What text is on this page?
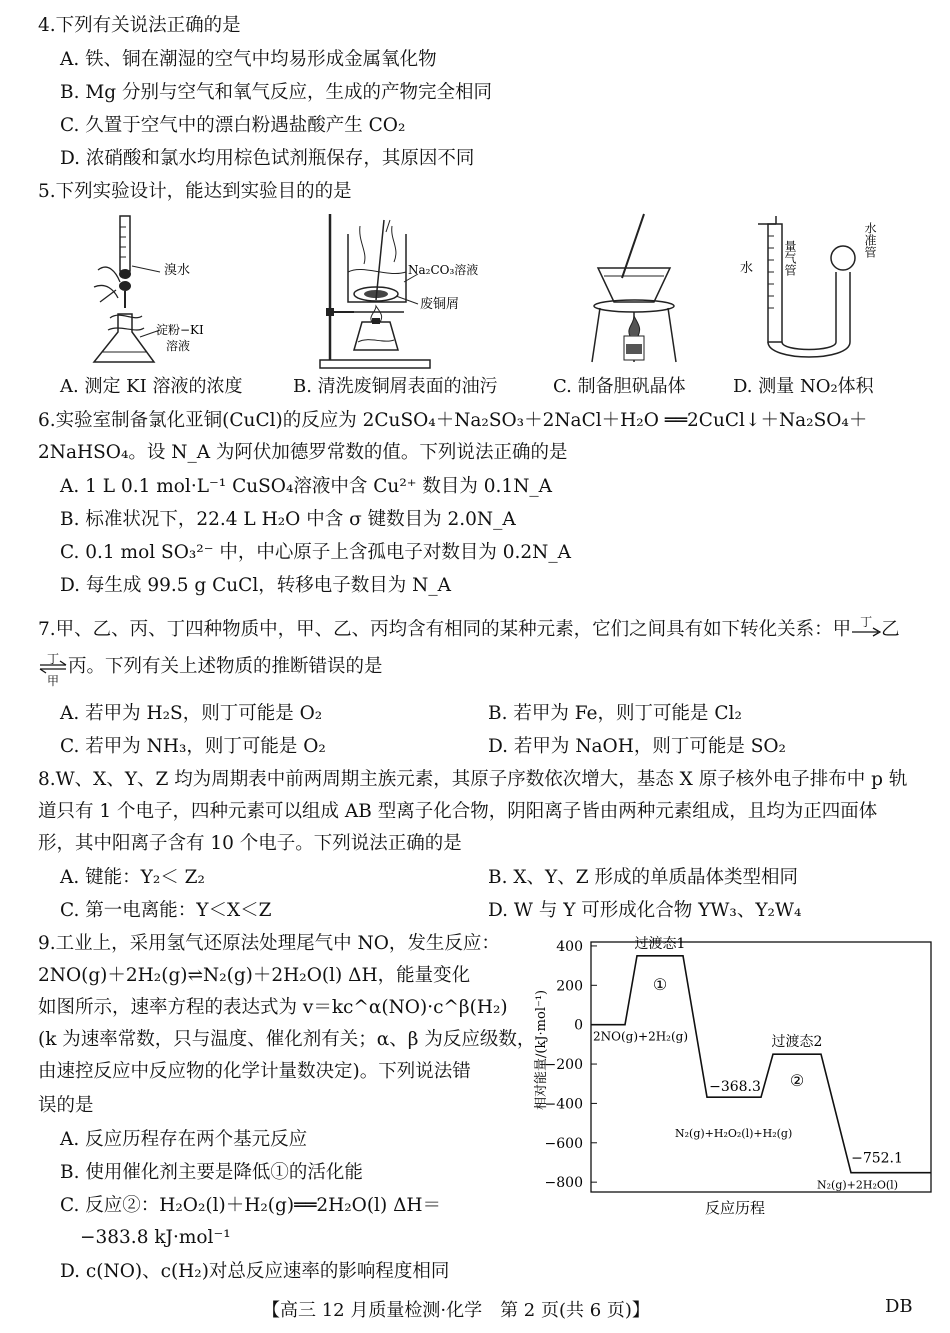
4.下列有关说法正确的是
A. 铁、铜在潮湿的空气中均易形成金属氧化物
B. Mg 分别与空气和氧气反应，生成的产物完全相同
C. 久置于空气中的漂白粉遇盐酸产生 CO₂
D. 浓硝酸和氯水均用棕色试剂瓶保存，其原因不同
5.下列实验设计，能达到实验目的的是
溴水
淀粉−KI
溶液
Na₂CO₃溶液
废铜屑
水 量气管	水准管
A. 测定 KI 溶液的浓度	B. 清洗废铜屑表面的油污	C. 制备胆矾晶体	D. 测量 NO₂体积
6.实验室制备氯化亚铜(CuCl)的反应为 2CuSO₄＋Na₂SO₃＋2NaCl＋H₂O ══2CuCl↓＋Na₂SO₄＋
2NaHSO₄。设 N_A 为阿伏加德罗常数的值。下列说法正确的是
A. 1 L 0.1 mol·L⁻¹ CuSO₄溶液中含 Cu²⁺ 数目为 0.1N_A
B. 标准状况下，22.4 L H₂O 中含 σ 键数目为 2.0N_A
C. 0.1 mol SO₃²⁻ 中，中心原子上含孤电子对数目为 0.2N_A
D. 每生成 99.5 g CuCl，转移电子数目为 N_A
7.甲、乙、丙、丁四种物质中，甲、乙、丙均含有相同的某种元素，它们之间具有如下转化关系：甲 丁 乙
丁
甲
丙。下列有关上述物质的推断错误的是
A. 若甲为 H₂S，则丁可能是 O₂	B. 若甲为 Fe，则丁可能是 Cl₂
C. 若甲为 NH₃，则丁可能是 O₂	D. 若甲为 NaOH，则丁可能是 SO₂
8.W、X、Y、Z 均为周期表中前两周期主族元素，其原子序数依次增大，基态 X 原子核外电子排布中 p 轨
道只有 1 个电子，四种元素可以组成 AB 型离子化合物，阴阳离子皆由两种元素组成，且均为正四面体
形，其中阳离子含有 10 个电子。下列说法正确的是
A. 键能：Y₂＜ Z₂	B. X、Y、Z 形成的单质晶体类型相同
C. 第一电离能：Y＜X＜Z	D. W 与 Y 可形成化合物 YW₃、Y₂W₄
9.工业上，采用氢气还原法处理尾气中 NO，发生反应：
2NO(g)＋2H₂(g)⇌N₂(g)＋2H₂O(l) ΔH，能量变化
如图所示，速率方程的表达式为 v＝kc^α(NO)·c^β(H₂)
(k 为速率常数，只与温度、催化剂有关；α、β 为反应级数，
由速控反应中反应物的化学计量数决定)。下列说法错
误的是
A. 反应历程存在两个基元反应
B. 使用催化剂主要是降低①的活化能
C. 反应②：H₂O₂(l)＋H₂(g)══2H₂O(l) ΔH＝
−383.8 kJ·mol⁻¹
D. c(NO)、c(H₂)对总反应速率的影响程度相同
400
200
0
−200
−400
−600
−800
反应历程
相对能量/(kJ·mol⁻¹)
过渡态1
过渡态2
2NO(g)+2H₂(g)
N₂(g)+H₂O₂(l)+H₂(g)
N₂(g)+2H₂O(l)
−368.3
−752.1
①
②
【高三 12 月质量检测·化学　第 2 页(共 6 页)】	DB
